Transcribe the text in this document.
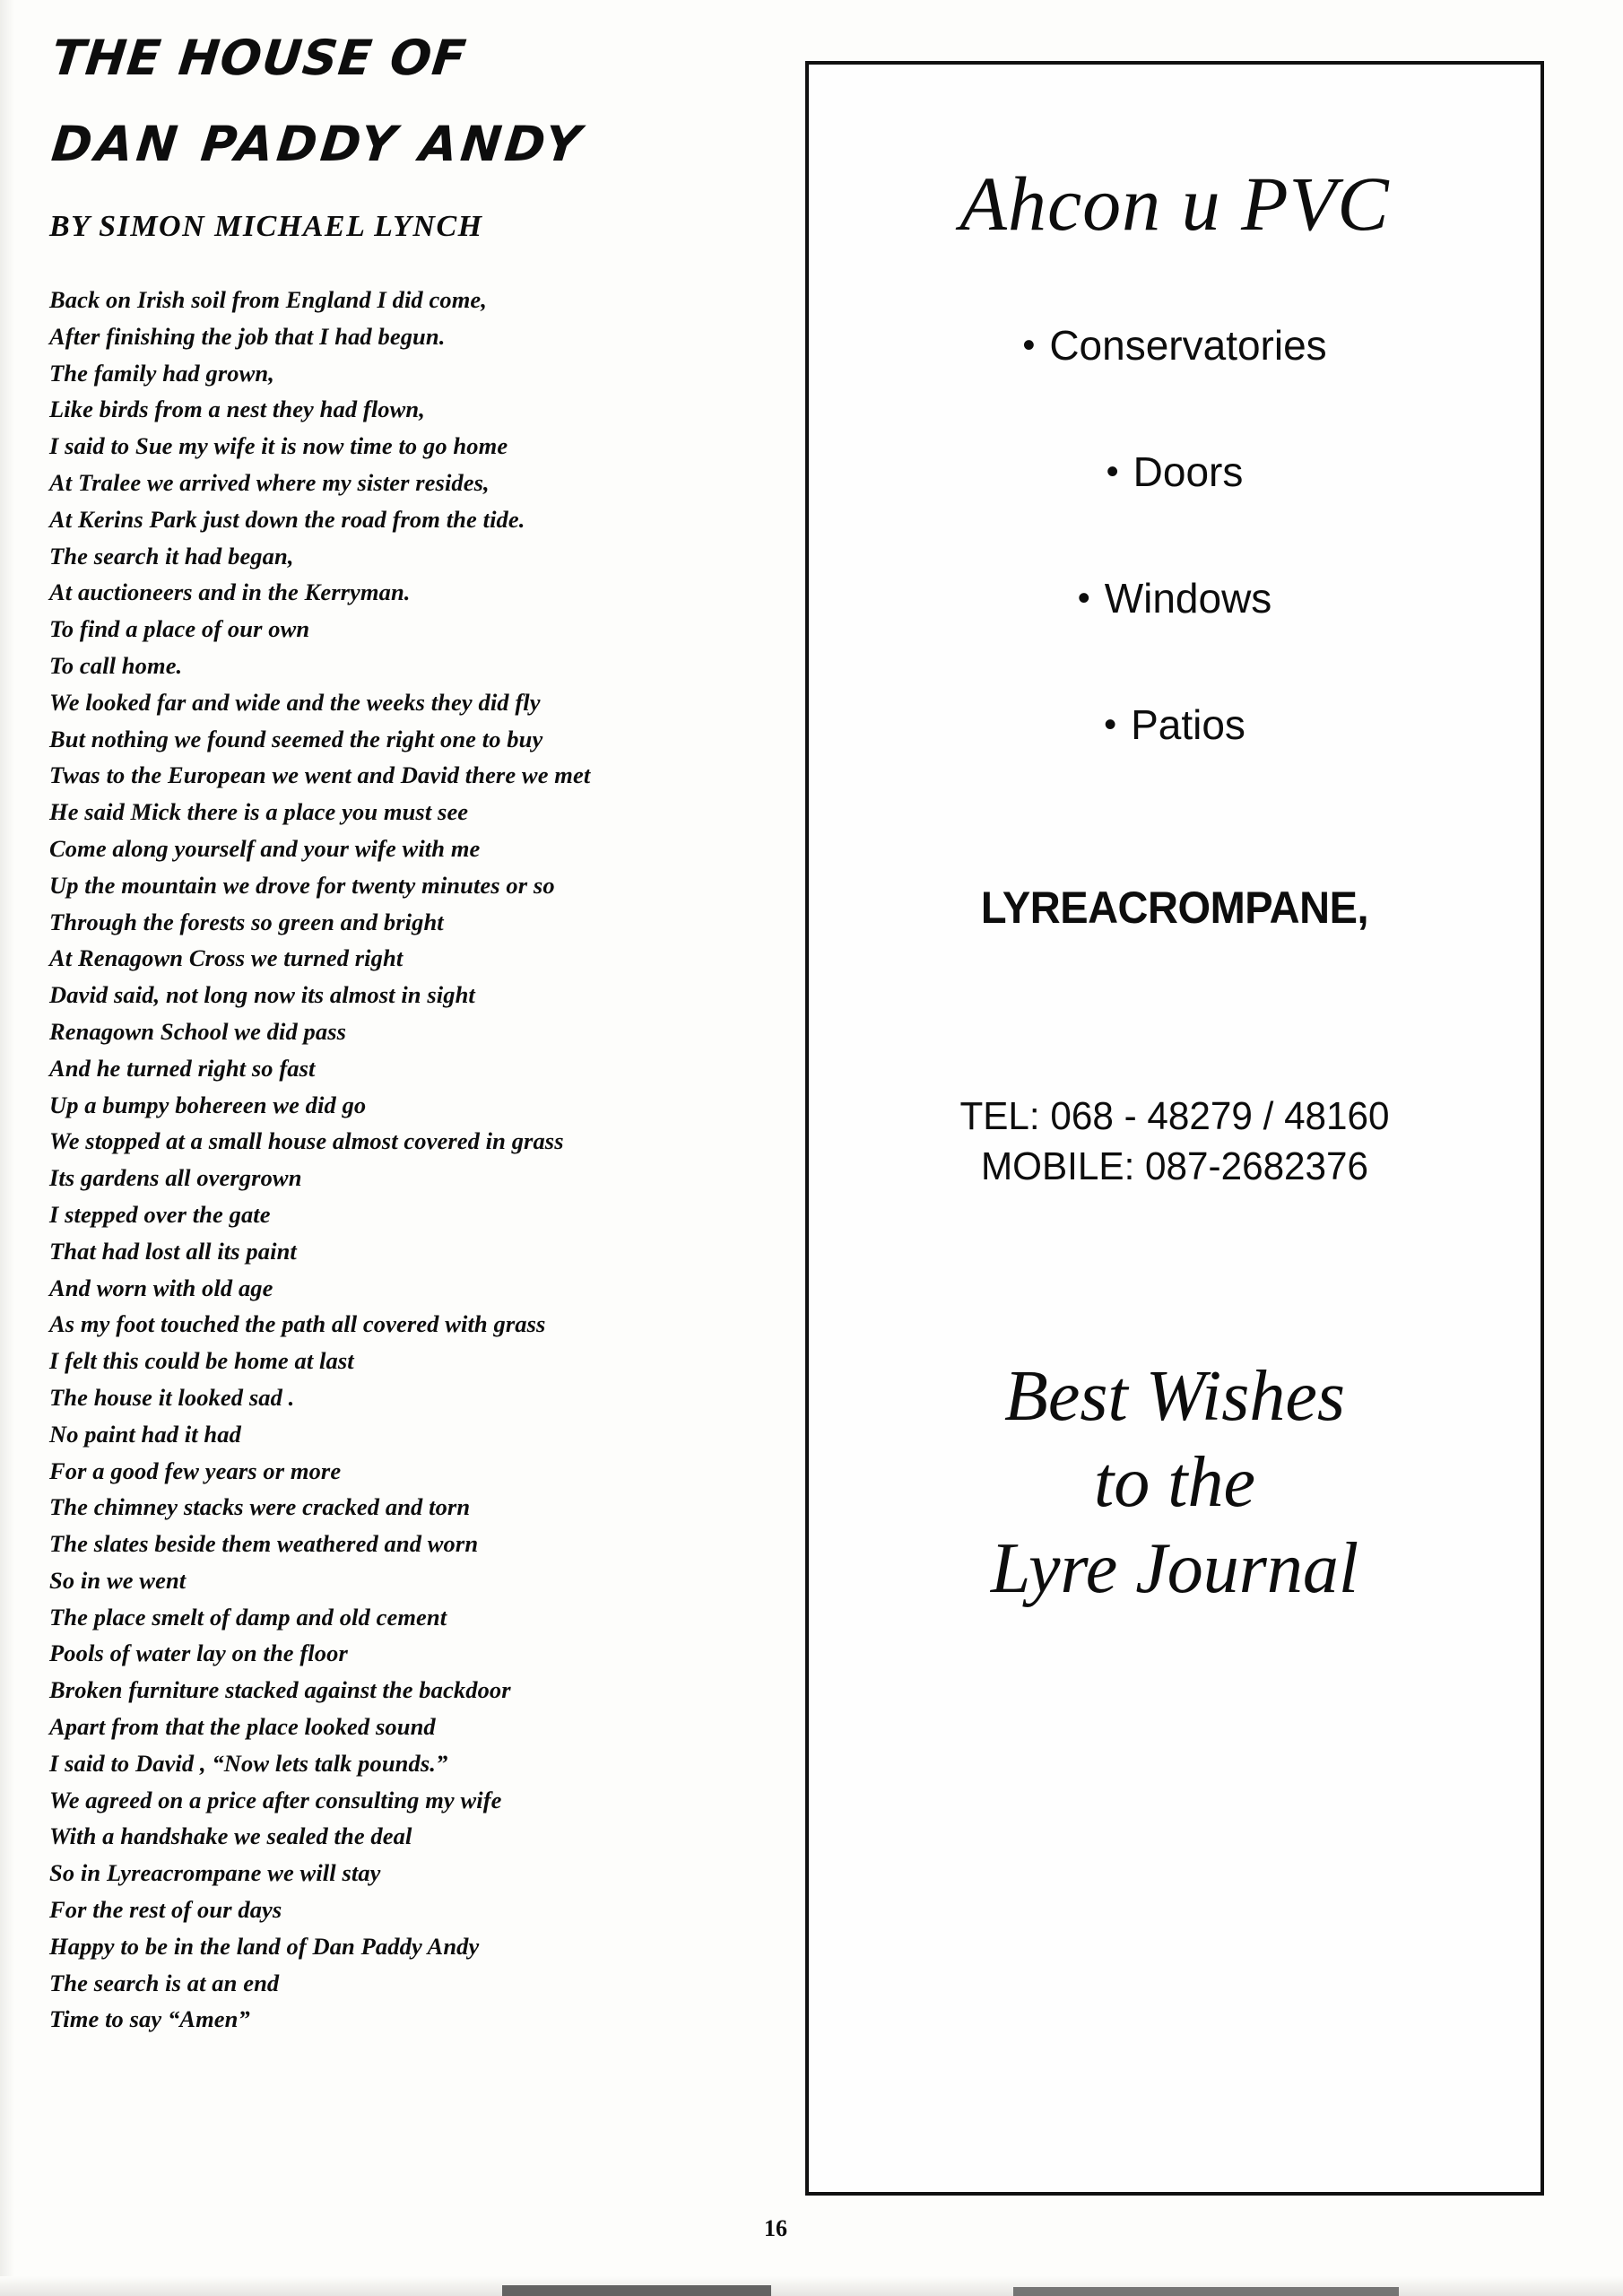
THE HOUSE OF
DAN PADDY ANDY
BY SIMON MICHAEL LYNCH
Back on Irish soil from England I did come,
After finishing the job that I had begun.
The family had grown,
Like birds from a nest they had flown,
I said to Sue my wife it is now time to go home
At Tralee we arrived where my sister resides,
At Kerins Park just down the road from the tide.
The search it had began,
At auctioneers and in the Kerryman.
To find a place of our own
To call home.
We looked far and wide and the weeks they did fly
But nothing we found seemed the right one to buy
Twas to the European we went and David there we met
He said Mick there is a place you must see
Come along yourself and your wife with me
Up the mountain we drove for twenty minutes or so
Through the forests so green and bright
At Renagown Cross we turned right
David said, not long now its almost in sight
Renagown School we did pass
And he turned right so fast
Up a bumpy bohereen we did go
We stopped at a small house almost covered in grass
Its gardens all overgrown
I stepped over the gate
That had lost all its paint
And worn with old age
As my foot touched the path all covered with grass
I felt this could be home at last
The house it looked sad .
No paint had it had
For a good few years or more
The chimney stacks were cracked and torn
The slates beside them weathered and worn
So in we went
The place smelt of damp and old cement
Pools of water lay on the floor
Broken furniture stacked against the backdoor
Apart from that the place looked sound
I said to David , “Now lets talk pounds.”
We agreed on a price after consulting my wife
With a handshake we sealed the deal
So in Lyreacrompane we will stay
For the rest of our days
Happy to be in the land of Dan Paddy Andy
The search is at an end
Time to say “Amen”
Ahcon u PVC
• Conservatories
• Doors
• Windows
• Patios
LYREACROMPANE,
TEL: 068 - 48279 / 48160
MOBILE: 087-2682376
Best Wishes
to the
Lyre Journal
16
